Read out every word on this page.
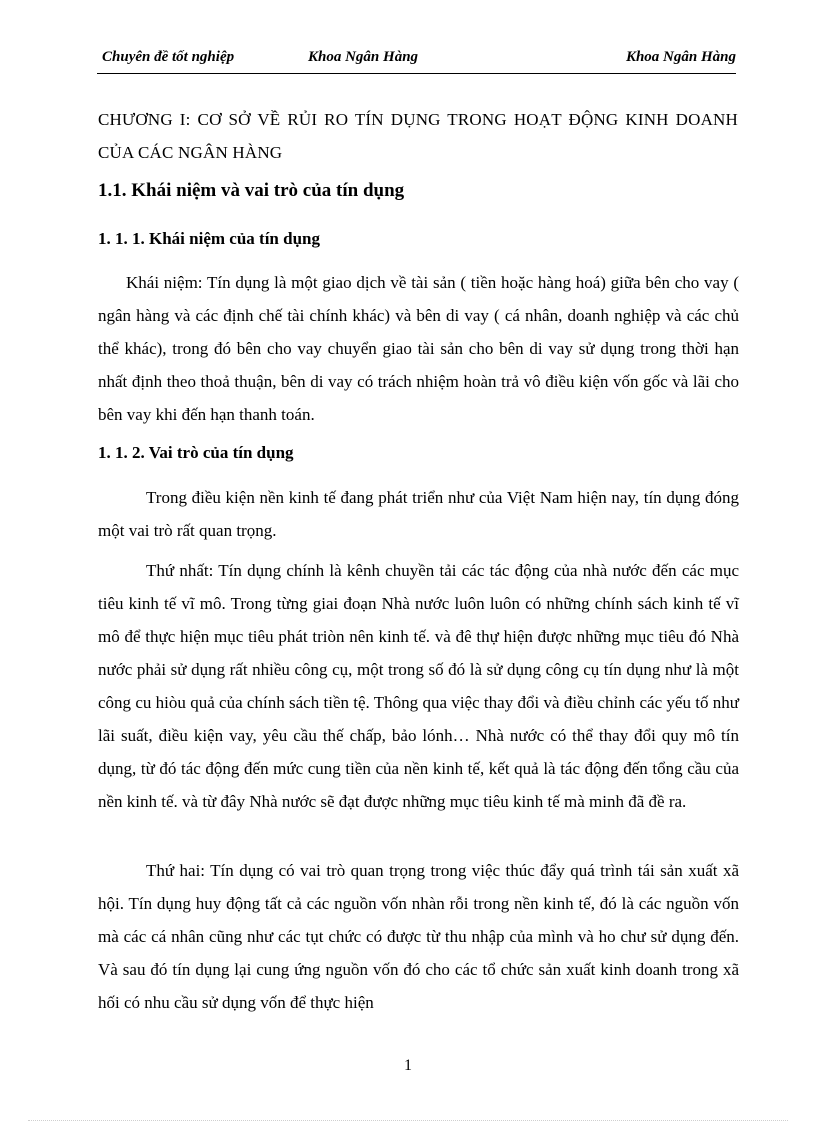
Chuyên đề tốt nghiệp	Khoa Ngân Hàng	Khoa Ngân Hàng
CHƯƠNG I: CƠ SỞ VỀ RỦI RO TÍN DỤNG TRONG HOẠT ĐỘNG KINH DOANH CỦA CÁC NGÂN HÀNG
1.1. Khái niệm và vai trò của tín dụng
1. 1. 1. Khái niệm của tín dụng
Khái niệm: Tín dụng là một giao dịch về tài sản ( tiền hoặc hàng hoá) giữa bên cho vay ( ngân hàng và các định chế tài chính khác) và bên di vay ( cá nhân, doanh nghiệp và các chủ thể khác), trong đó bên cho vay chuyển giao tài sản cho bên di vay sử dụng trong thời hạn nhất định theo thoả thuận, bên di vay có trách nhiệm hoàn trả vô điều kiện vốn gốc và lãi cho bên vay khi đến hạn thanh toán.
1. 1. 2. Vai trò của tín dụng
Trong điều kiện nền kinh tế đang phát triển như của Việt Nam hiện nay, tín dụng đóng một vai trò rất quan trọng.
Thứ nhất: Tín dụng chính là kênh chuyền tải các tác động của nhà nước đến các mục tiêu kinh tế vĩ mô. Trong từng giai đoạn Nhà nước luôn luôn có những chính sách kinh tế vĩ mô để thực hiện mục tiêu phát triòn nên kinh tế. và đê thự hiện được những mục tiêu đó Nhà nước phải sử dụng rất nhiều công cụ, một trong số đó là sử dụng công cụ tín dụng như là một công cu hiòu quả của chính sách tiền tệ. Thông qua việc thay đổi và điều chỉnh các yếu tố như lãi suất, điều kiện vay, yêu cầu thế chấp, bảo lónh… Nhà nước có thể thay đổi quy mô tín dụng, từ đó tác động đến mức cung tiền của nền kinh tế, kết quả là tác động đến tổng cầu của nền kinh tế. và từ đây Nhà nước sẽ đạt được những mục tiêu kinh tế mà minh đã đề ra.
Thứ hai: Tín dụng có vai trò quan trọng trong việc thúc đẩy quá trình tái sản xuất xã hội. Tín dụng huy động tất cả các nguồn vốn nhàn rỗi trong nền kinh tế, đó là các nguồn vốn mà các cá nhân cũng như các tụt chức có được từ thu nhập của mình và ho chư sử dụng đến. Và sau đó tín dụng lại cung ứng nguồn vốn đó cho các tổ chức sản xuất kinh doanh trong xã hối có nhu cầu sử dụng vốn để thực hiện
1
